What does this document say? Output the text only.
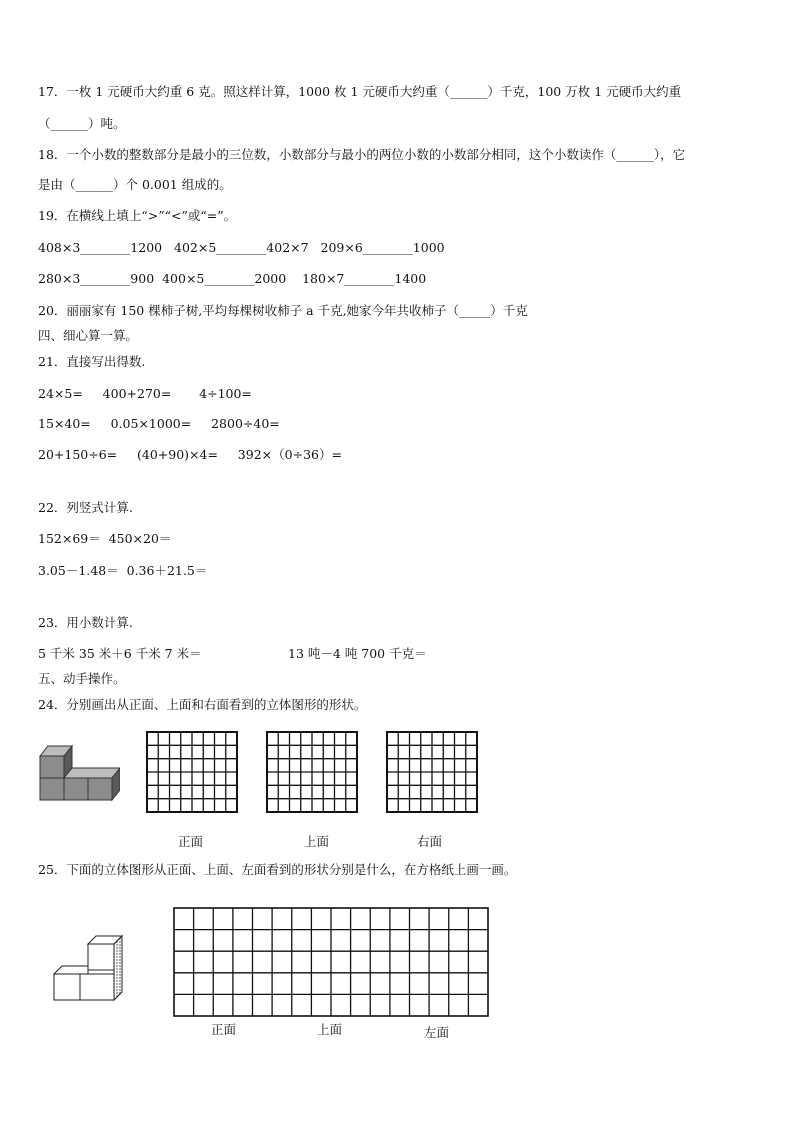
17．一枚 1 元硬币大约重 6 克。照这样计算，1000 枚 1 元硬币大约重（______）千克，100 万枚 1 元硬币大约重
（______）吨。
18．一个小数的整数部分是最小的三位数，小数部分与最小的两位小数的小数部分相同，这个小数读作（______），它
是由（______）个 0.001 组成的。
19．在横线上填上“>”“<”或“=”。
408×3________1200   402×5________402×7   209×6________1000
280×3________900  400×5________2000    180×7________1400
20．丽丽家有 150 棵柿子树,平均每棵树收柿子 a 千克,她家今年共收柿子（_____）千克
四、细心算一算。
21．直接写出得数.
24×5=     400+270=       4÷100=
15×40=     0.05×1000=     2800÷40=
20+150÷6=     (40+90)×4=     392×（0÷36）=
22．列竖式计算.
152×69＝  450×20＝
3.05－1.48＝  0.36＋21.5＝
23．用小数计算.
5 千米 35 米＋6 千米 7 米＝	13 吨－4 吨 700 千克＝
五、动手操作。
24．分别画出从正面、上面和右面看到的立体图形的形状。
正面	上面	右面
25．下面的立体图形从正面、上面、左面看到的形状分别是什么，在方格纸上画一画。
正面	上面	左面
